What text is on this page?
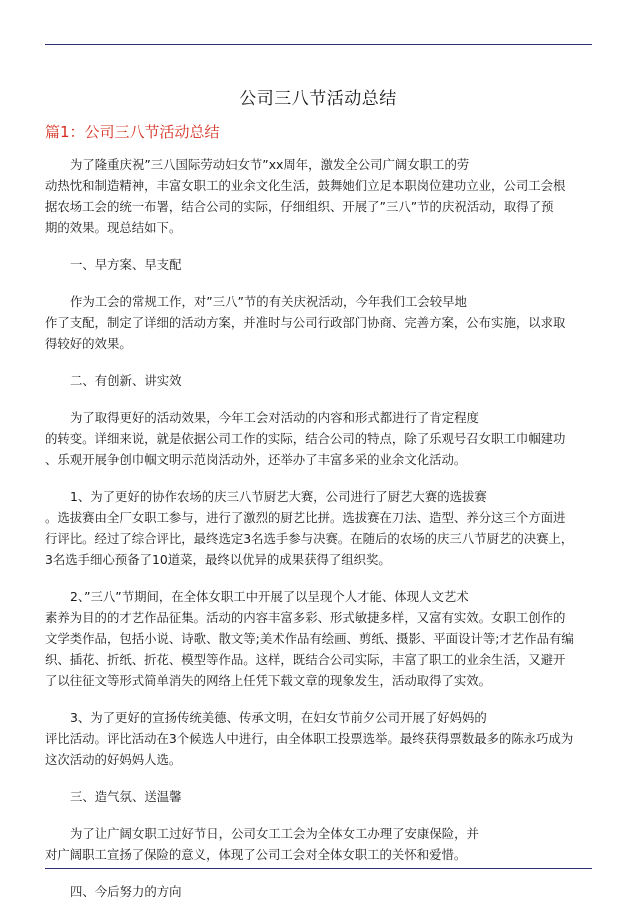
公司三八节活动总结
篇1：公司三八节活动总结
为了隆重庆祝”三八国际劳动妇女节”xx周年，激发全公司广阔女职工的劳
动热忱和制造精神，丰富女职工的业余文化生活，鼓舞她们立足本职岗位建功立业，公司工会根
据农场工会的统一布署，结合公司的实际，仔细组织、开展了”三八”节的庆祝活动，取得了预
期的效果。现总结如下。
一、早方案、早支配
作为工会的常规工作，对”三八”节的有关庆祝活动，今年我们工会较早地
作了支配，制定了详细的活动方案，并准时与公司行政部门协商、完善方案，公布实施，以求取
得较好的效果。
二、有创新、讲实效
为了取得更好的活动效果，今年工会对活动的内容和形式都进行了肯定程度
的转变。详细来说，就是依据公司工作的实际，结合公司的特点，除了乐观号召女职工巾帼建功
、乐观开展争创巾帼文明示范岗活动外，还举办了丰富多采的业余文化活动。
1、为了更好的协作农场的庆三八节厨艺大赛，公司进行了厨艺大赛的选拔赛
。选拔赛由全厂女职工参与，进行了激烈的厨艺比拼。选拔赛在刀法、造型、养分这三个方面进
行评比。经过了综合评比，最终选定3名选手参与决赛。在随后的农场的庆三八节厨艺的决赛上，
3名选手细心预备了10道菜，最终以优异的成果获得了组织奖。
2、”三八”节期间，在全体女职工中开展了以呈现个人才能、体现人文艺术
素养为目的的才艺作品征集。活动的内容丰富多彩、形式敏捷多样，又富有实效。女职工创作的
文学类作品，包括小说、诗歌、散文等;美术作品有绘画、剪纸、摄影、平面设计等;才艺作品有编
织、插花、折纸、折花、模型等作品。这样，既结合公司实际，丰富了职工的业余生活，又避开
了以往征文等形式简单消失的网络上任凭下载文章的现象发生，活动取得了实效。
3、为了更好的宣扬传统美德、传承文明，在妇女节前夕公司开展了好妈妈的
评比活动。评比活动在3个候选人中进行，由全体职工投票选举。最终获得票数最多的陈永巧成为
这次活动的好妈妈人选。
三、造气氛、送温馨
为了让广阔女职工过好节日，公司女工工会为全体女工办理了安康保险，并
对广阔职工宣扬了保险的意义，体现了公司工会对全体女职工的关怀和爱惜。
四、今后努力的方向
